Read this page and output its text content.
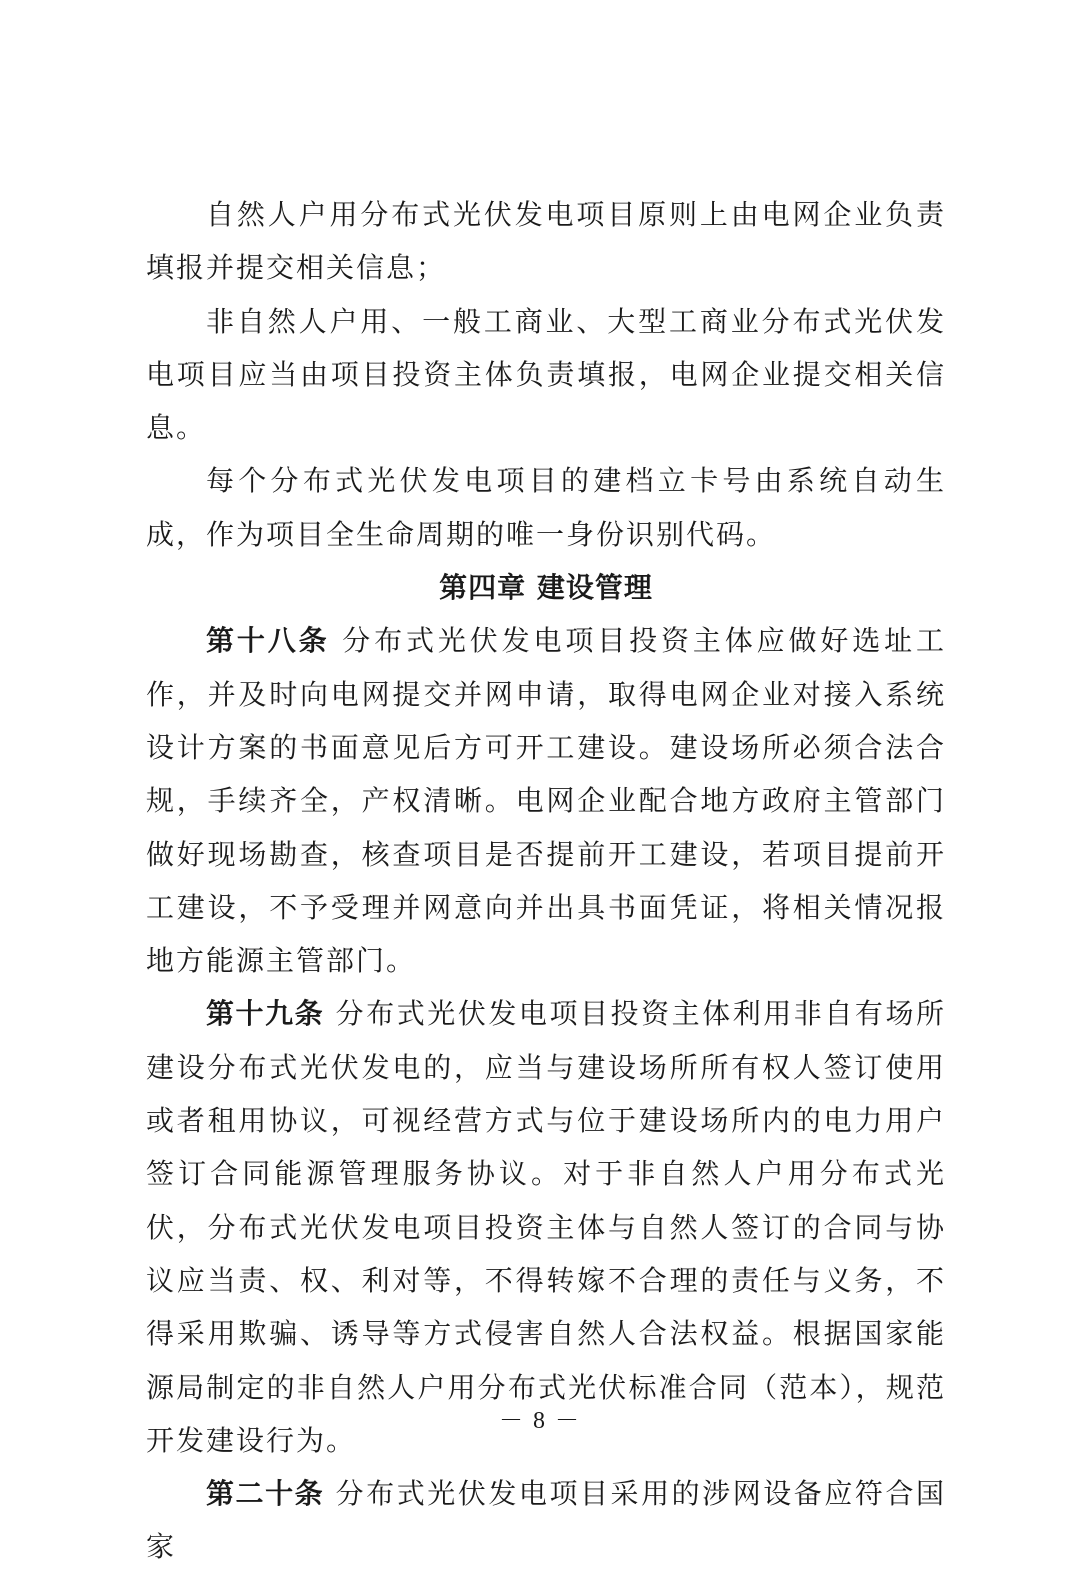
自然人户用分布式光伏发电项目原则上由电网企业负责填报并提交相关信息；

非自然人户用、一般工商业、大型工商业分布式光伏发电项目应当由项目投资主体负责填报，电网企业提交相关信息。

每个分布式光伏发电项目的建档立卡号由系统自动生成，作为项目全生命周期的唯一身份识别代码。

第四章 建设管理

第十八条 分布式光伏发电项目投资主体应做好选址工作，并及时向电网提交并网申请，取得电网企业对接入系统设计方案的书面意见后方可开工建设。建设场所必须合法合规，手续齐全，产权清晰。电网企业配合地方政府主管部门做好现场勘查，核查项目是否提前开工建设，若项目提前开工建设，不予受理并网意向并出具书面凭证，将相关情况报地方能源主管部门。

第十九条 分布式光伏发电项目投资主体利用非自有场所建设分布式光伏发电的，应当与建设场所所有权人签订使用或者租用协议，可视经营方式与位于建设场所内的电力用户签订合同能源管理服务协议。对于非自然人户用分布式光伏，分布式光伏发电项目投资主体与自然人签订的合同与协议应当责、权、利对等，不得转嫁不合理的责任与义务，不得采用欺骗、诱导等方式侵害自然人合法权益。根据国家能源局制定的非自然人户用分布式光伏标准合同（范本），规范开发建设行为。

第二十条 分布式光伏发电项目采用的涉网设备应符合国家

－ 8 －
